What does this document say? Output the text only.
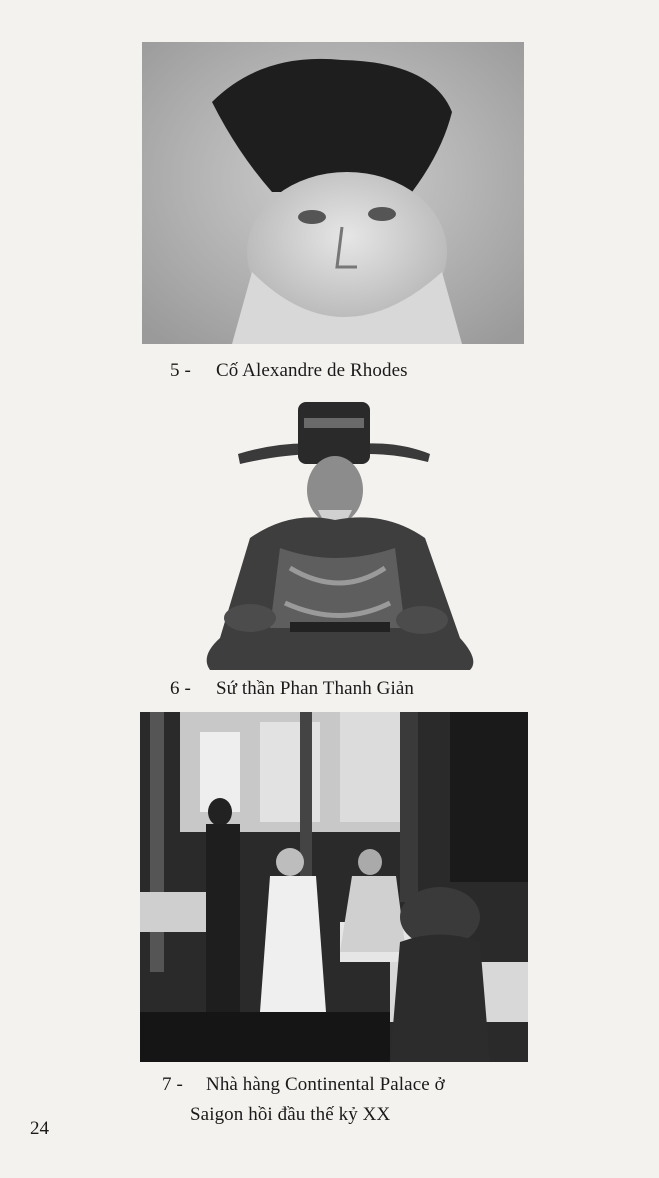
5 - Cố Alexandre de Rhodes
6 - Sứ thần Phan Thanh Giản
7 - Nhà hàng Continental Palace ở
Saigon hồi đầu thế kỷ XX
24
